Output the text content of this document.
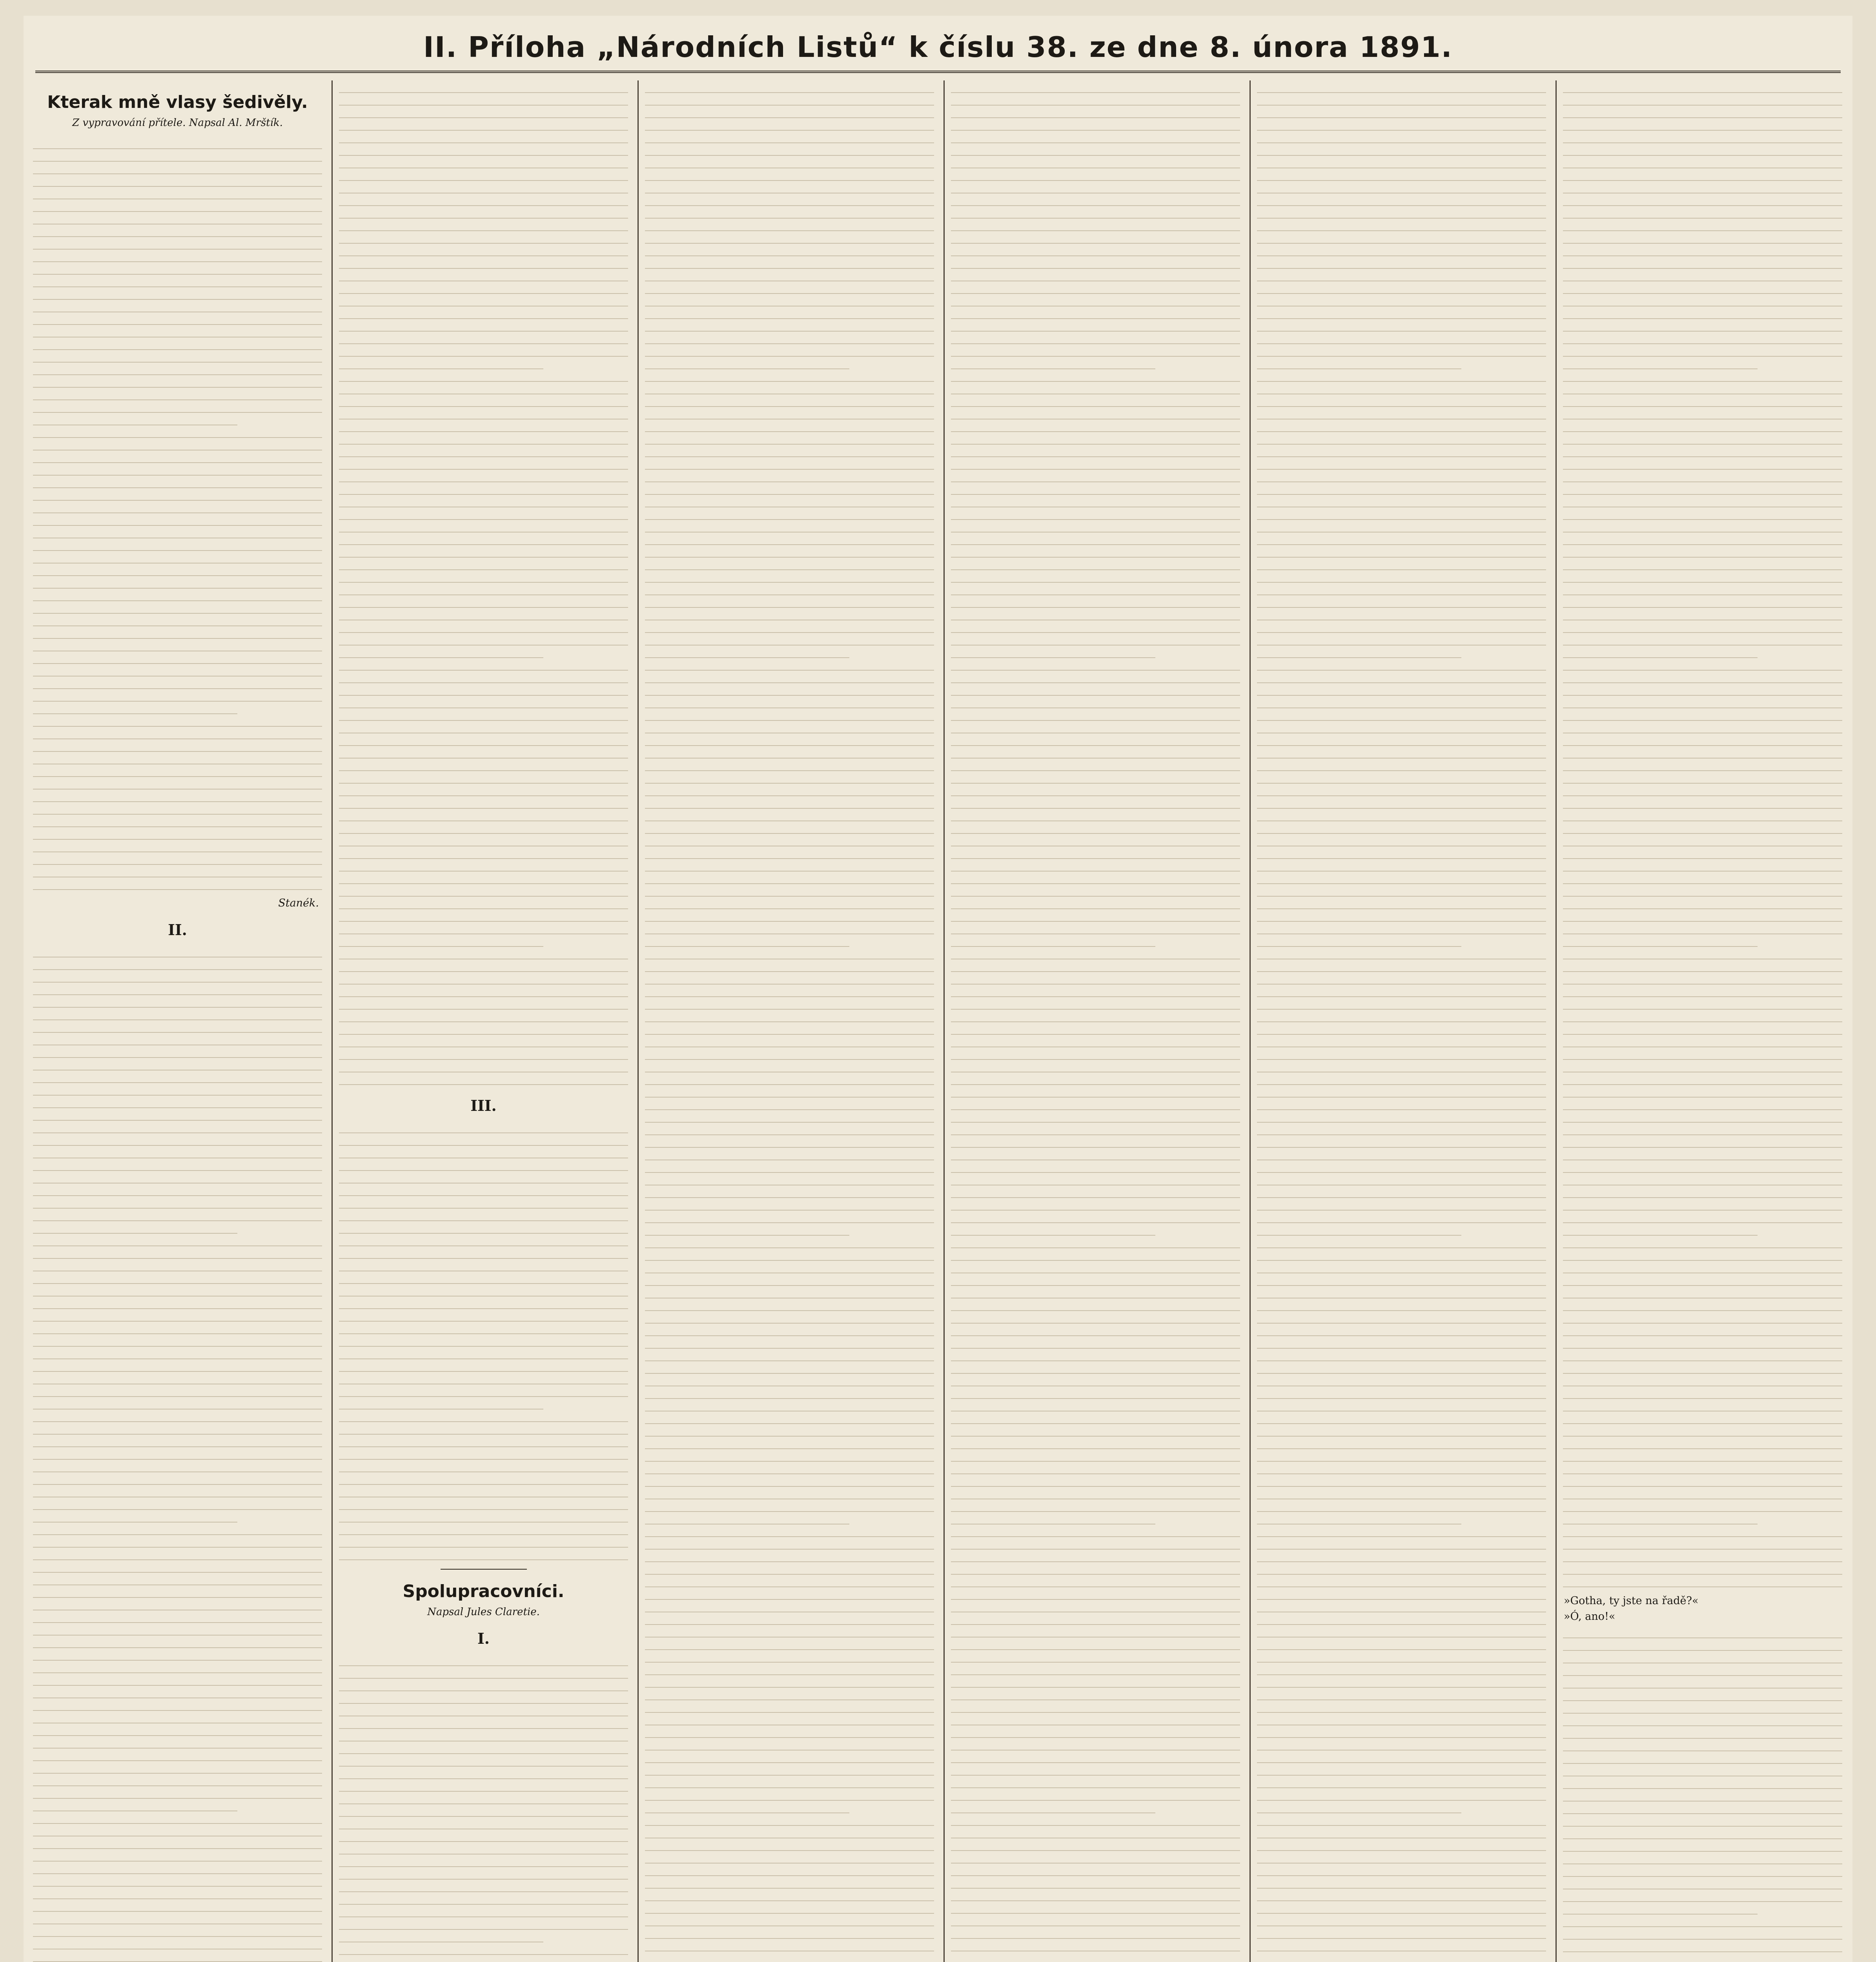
II. Příloha „Národních Listů“ k číslu 38. ze dne 8. února 1891.
Kterak mně vlasy šedivěly.
Z vypravování přítele. Napsal Al. Mrštík.
Stanék.
II.
III.
Spolupracovníci.
Napsal Jules Claretie.
I.
»Gotha, ty jste na řadě?«
»Ó, ano!«
